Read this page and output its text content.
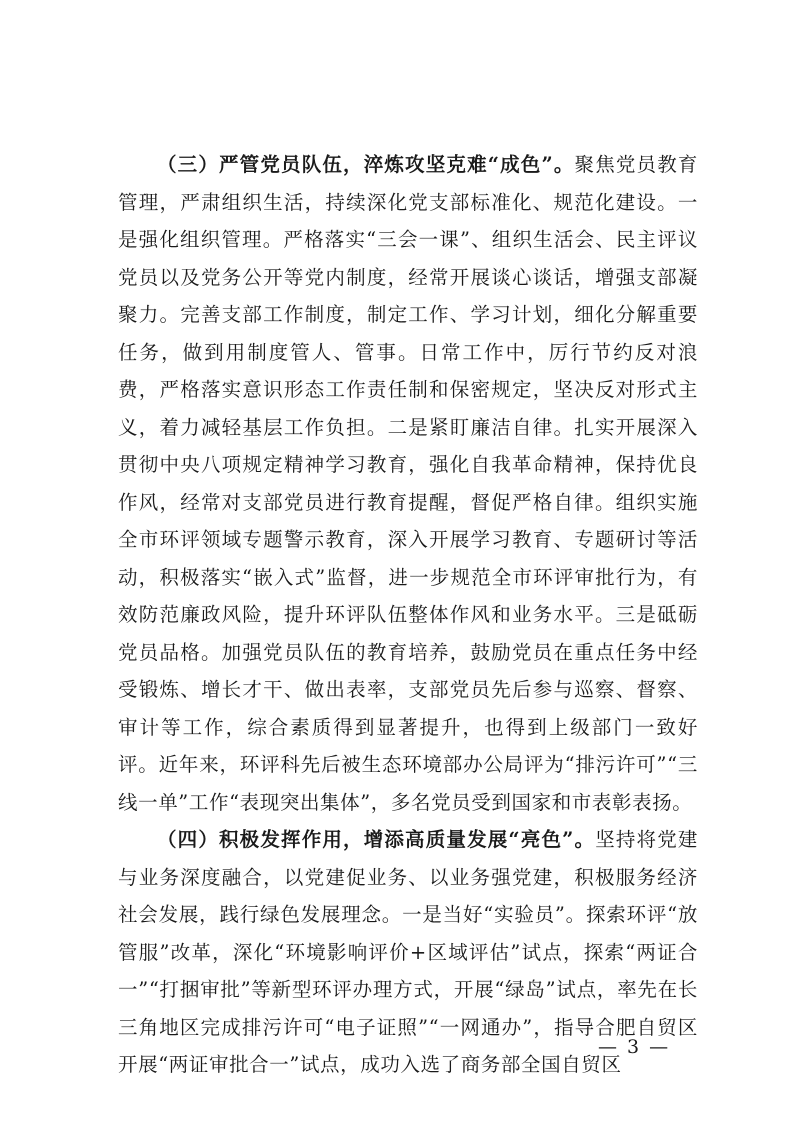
（三）严管党员队伍，淬炼攻坚克难“成色”。聚焦党员教育管理，严肃组织生活，持续深化党支部标准化、规范化建设。一是强化组织管理。严格落实“三会一课”、组织生活会、民主评议党员以及党务公开等党内制度，经常开展谈心谈话，增强支部凝聚力。完善支部工作制度，制定工作、学习计划，细化分解重要任务，做到用制度管人、管事。日常工作中，厉行节约反对浪费，严格落实意识形态工作责任制和保密规定，坚决反对形式主义，着力减轻基层工作负担。二是紧盯廉洁自律。扎实开展深入贯彻中央八项规定精神学习教育，强化自我革命精神，保持优良作风，经常对支部党员进行教育提醒，督促严格自律。组织实施全市环评领域专题警示教育，深入开展学习教育、专题研讨等活动，积极落实“嵌入式”监督，进一步规范全市环评审批行为，有效防范廉政风险，提升环评队伍整体作风和业务水平。三是砥砺党员品格。加强党员队伍的教育培养，鼓励党员在重点任务中经受锻炼、增长才干、做出表率，支部党员先后参与巡察、督察、审计等工作，综合素质得到显著提升，也得到上级部门一致好评。近年来，环评科先后被生态环境部办公局评为“排污许可”“三线一单”工作“表现突出集体”，多名党员受到国家和市表彰表扬。

（四）积极发挥作用，增添高质量发展“亮色”。坚持将党建与业务深度融合，以党建促业务、以业务强党建，积极服务经济社会发展，践行绿色发展理念。一是当好“实验员”。探索环评“放管服”改革，深化“环境影响评价+区域评估”试点，探索“两证合一”“打捆审批”等新型环评办理方式，开展“绿岛”试点，率先在长三角地区完成排污许可“电子证照”“一网通办”，指导合肥自贸区开展“两证审批合一”试点，成功入选了商务部全国自贸区

— 3 —
